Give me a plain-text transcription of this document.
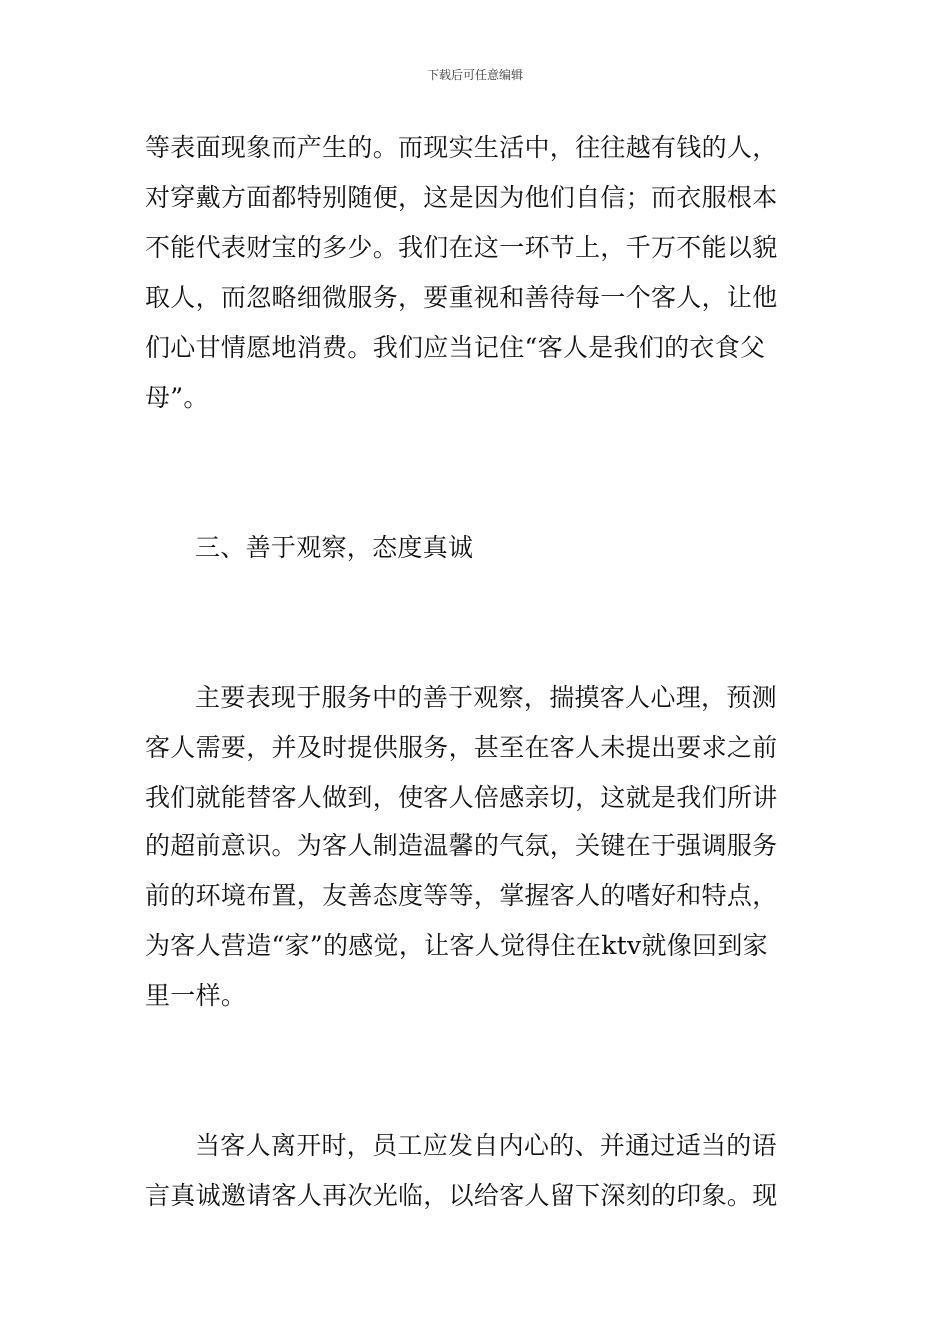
下载后可任意编辑
等表面现象而产生的。而现实生活中，往往越有钱的人，
对穿戴方面都特别随便，这是因为他们自信；而衣服根本
不能代表财宝的多少。我们在这一环节上，千万不能以貌
取人，而忽略细微服务，要重视和善待每一个客人，让他
们心甘情愿地消费。我们应当记住“客人是我们的衣食父
母”。
三、善于观察，态度真诚
主要表现于服务中的善于观察，揣摸客人心理，预测
客人需要，并及时提供服务，甚至在客人未提出要求之前
我们就能替客人做到，使客人倍感亲切，这就是我们所讲
的超前意识。为客人制造温馨的气氛，关键在于强调服务
前的环境布置，友善态度等等，掌握客人的嗜好和特点，
为客人营造“家”的感觉，让客人觉得住在ktv就像回到家
里一样。
当客人离开时，员工应发自内心的、并通过适当的语
言真诚邀请客人再次光临，以给客人留下深刻的印象。现
